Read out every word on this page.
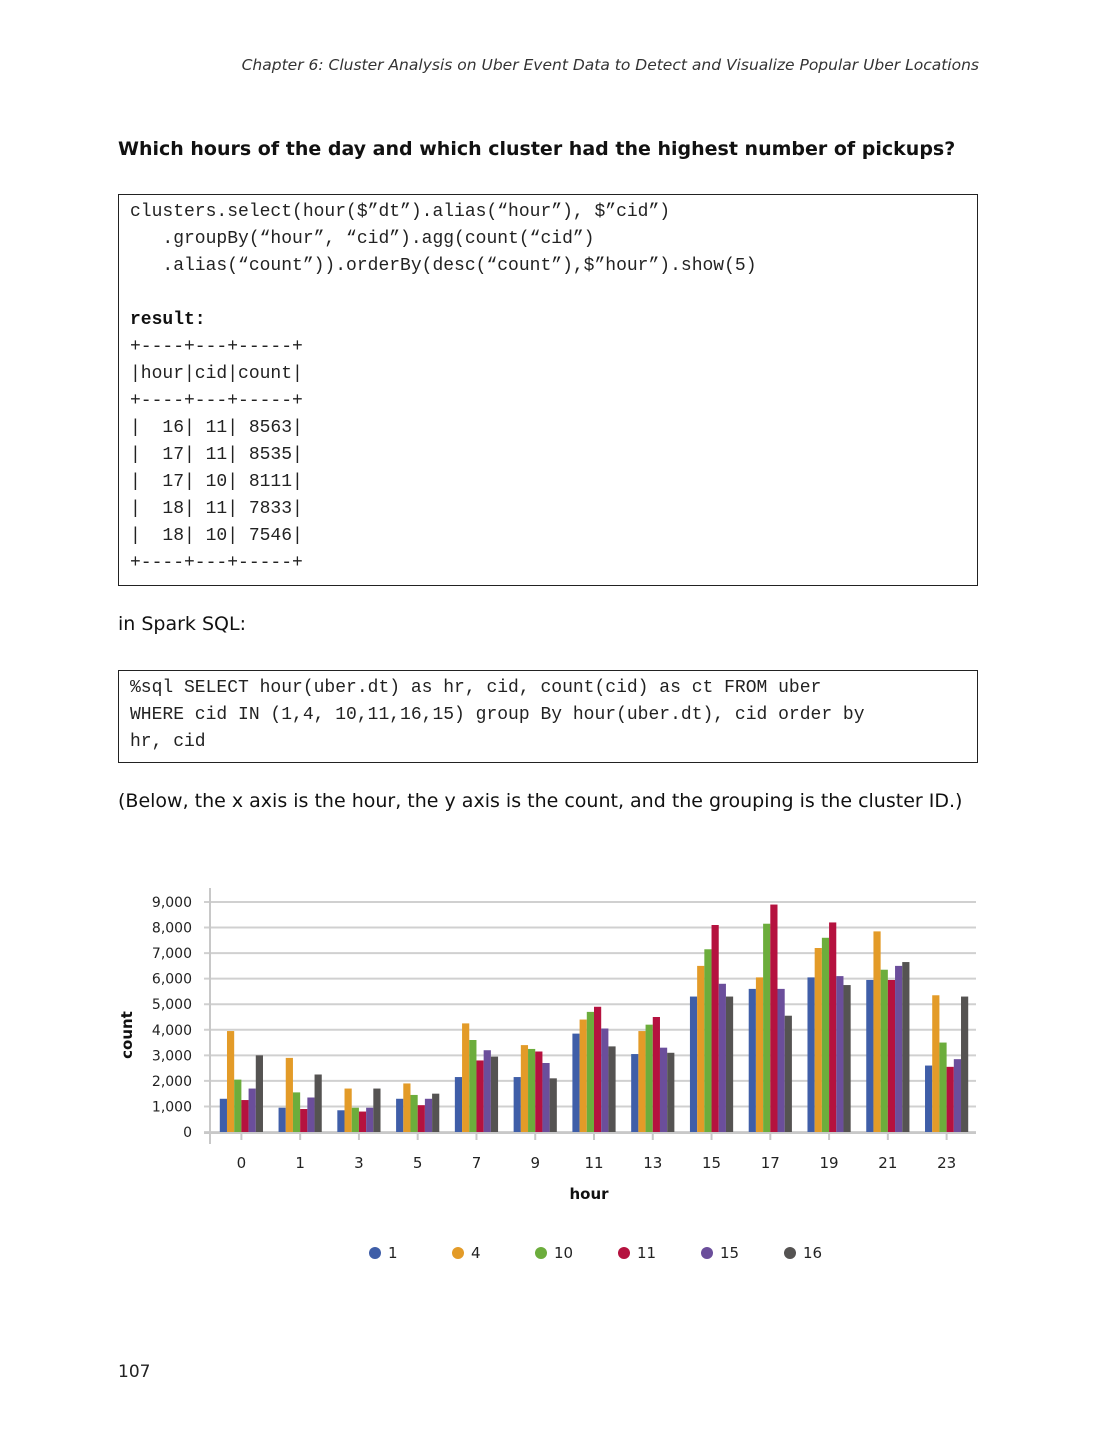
Chapter 6: Cluster Analysis on Uber Event Data to Detect and Visualize Popular Uber Locations
Which hours of the day and which cluster had the highest number of pickups?
clusters.select(hour($”dt”).alias(“hour”), $”cid”)
.groupBy(“hour”, “cid”).agg(count(“cid”)
.alias(“count”)).orderBy(desc(“count”),$”hour”).show(5)
result:
+----+---+-----+
|hour|cid|count|
+----+---+-----+
|  16| 11| 8563|
|  17| 11| 8535|
|  17| 10| 8111|
|  18| 11| 7833|
|  18| 10| 7546|
+----+---+-----+
in Spark SQL:
%sql SELECT hour(uber.dt) as hr, cid, count(cid) as ct FROM uber
WHERE cid IN (1,4, 10,11,16,15) group By hour(uber.dt), cid order by
hr, cid
(Below, the x axis is the hour, the y axis is the count, and the grouping is the cluster ID.)
9,000
8,000
7,000
6,000
5,000
4,000
3,000
2,000
1,000
0
0	1	3	5	7	9	11	13	15	17	19	21	23
hour
count
1	4	10	11	15	16
107
